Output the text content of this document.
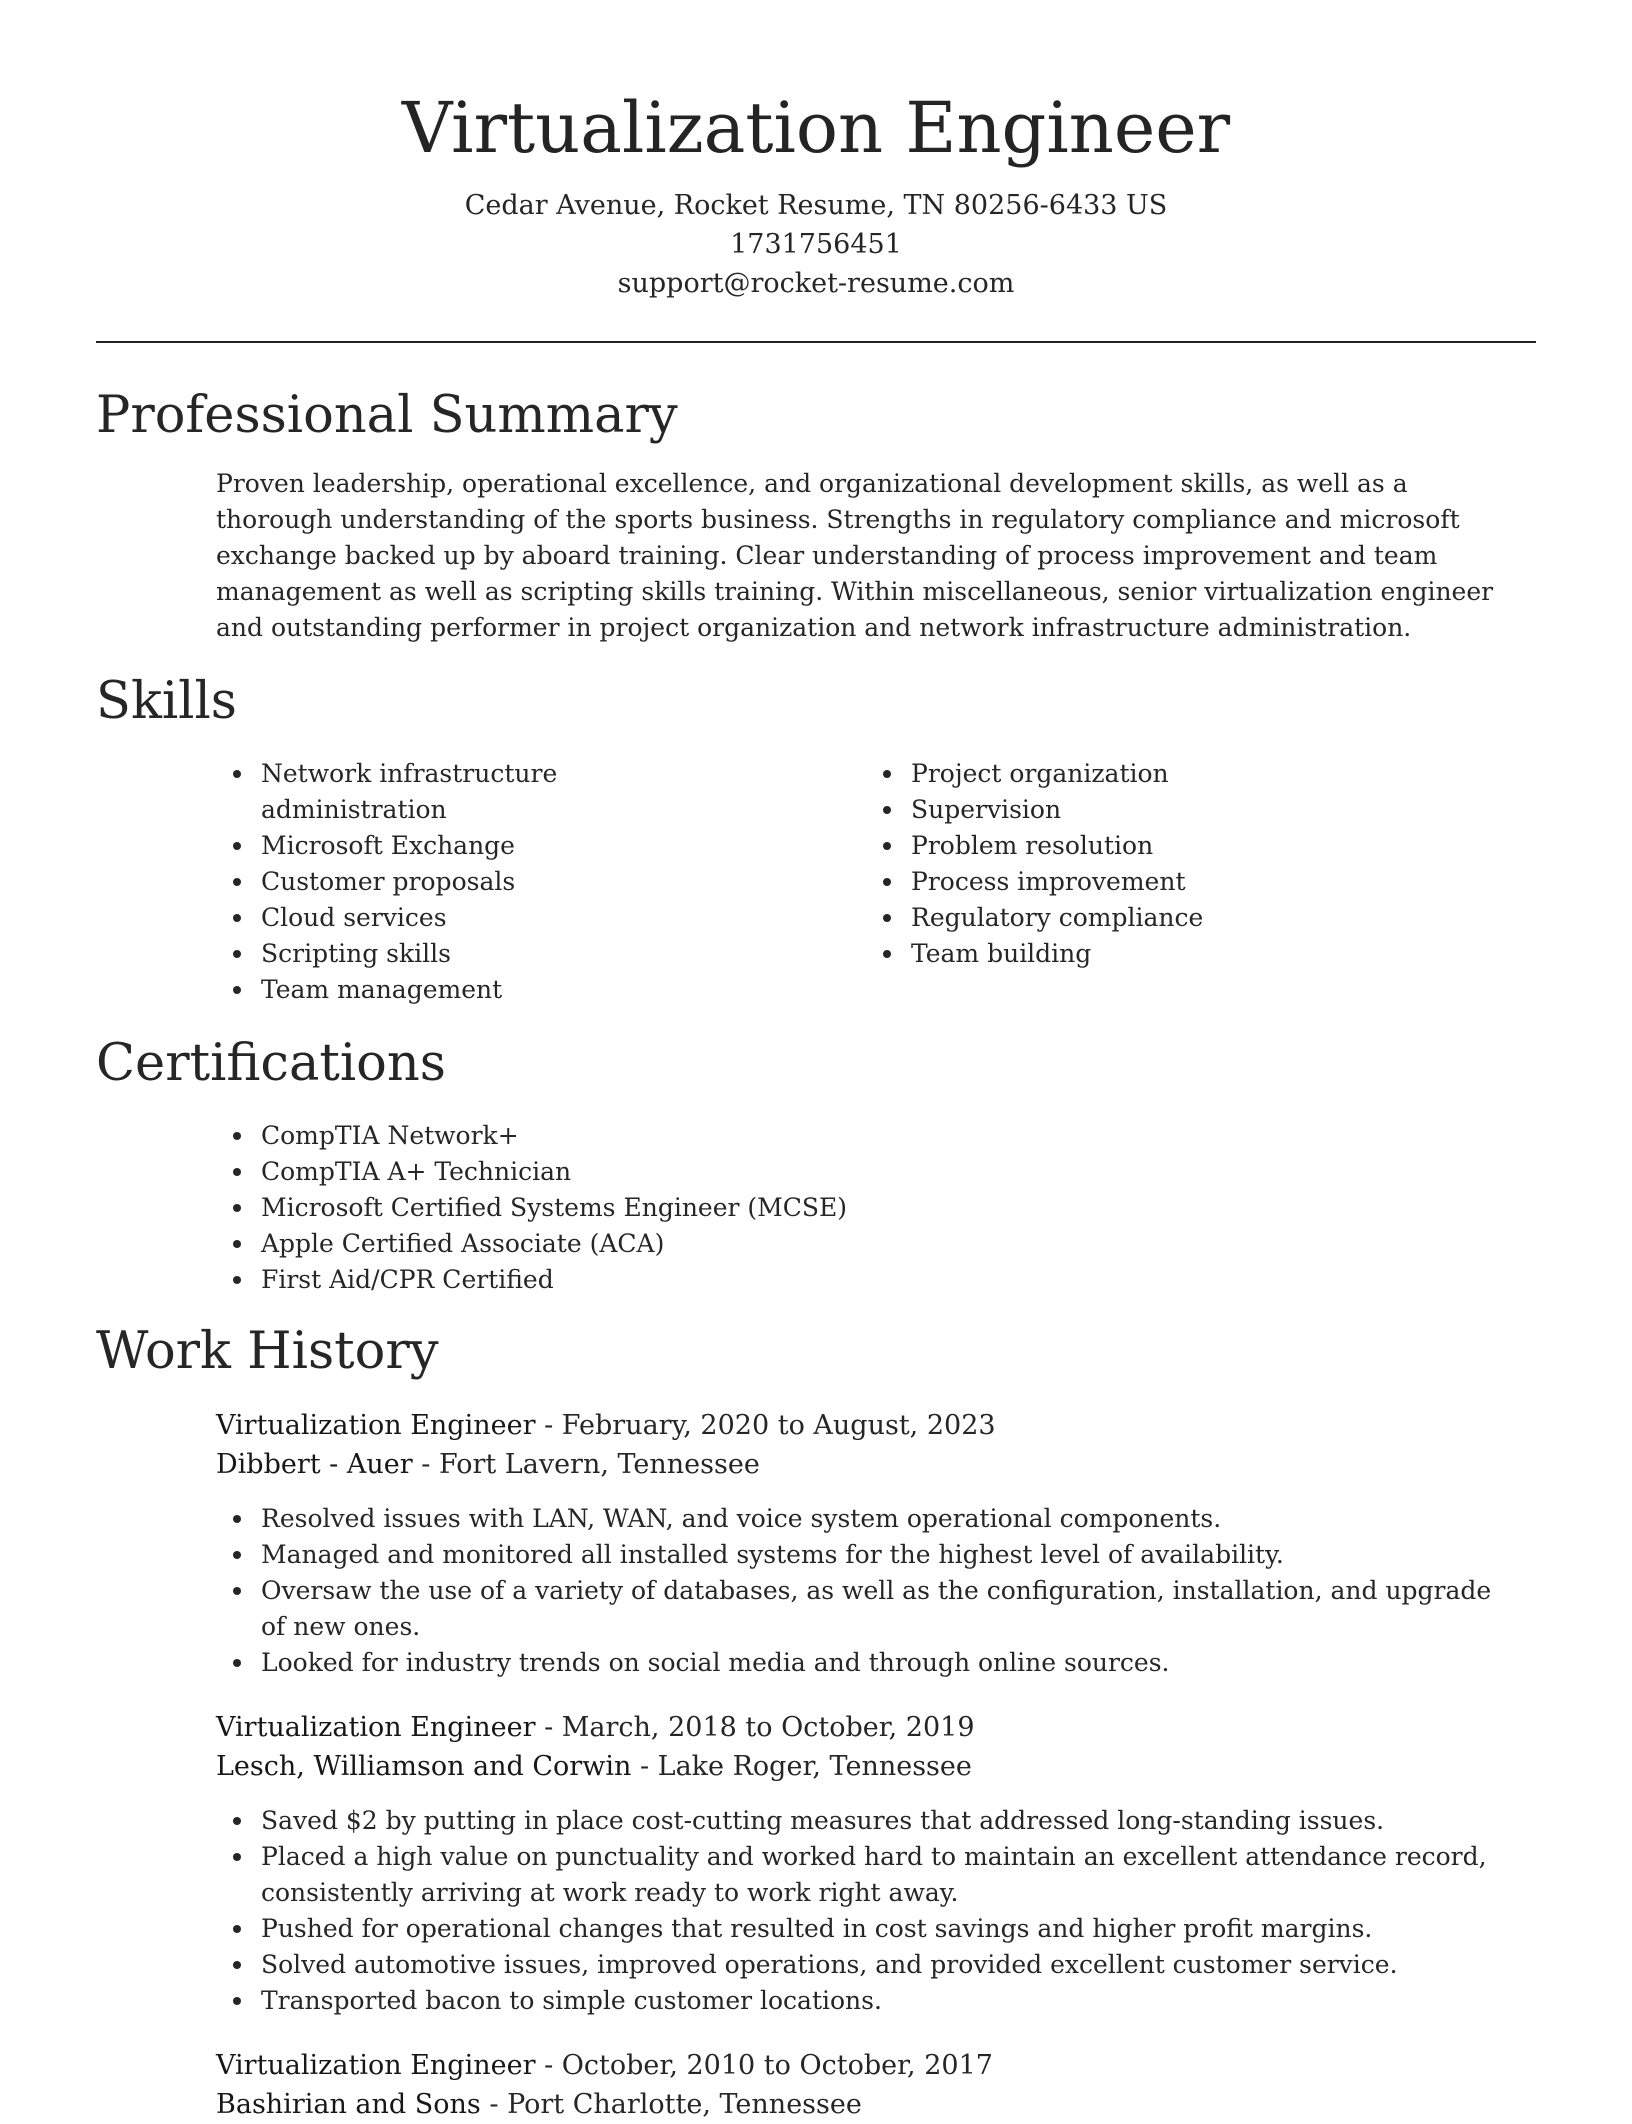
Virtualization Engineer
Cedar Avenue, Rocket Resume, TN 80256-6433 US
1731756451
support@rocket-resume.com
Professional Summary

Proven leadership, operational excellence, and organizational development skills, as well as a thorough understanding of the sports business. Strengths in regulatory compliance and microsoft exchange backed up by aboard training. Clear understanding of process improvement and team management as well as scripting skills training. Within miscellaneous, senior virtualization engineer and outstanding performer in project organization and network infrastructure administration.

Skills
Network infrastructure administration
Microsoft Exchange
Customer proposals
Cloud services
Scripting skills
Team management
Project organization
Supervision
Problem resolution
Process improvement
Regulatory compliance
Team building
Certifications
CompTIA Network+
CompTIA A+ Technician
Microsoft Certified Systems Engineer (MCSE)
Apple Certified Associate (ACA)
First Aid/CPR Certified
Work History
Virtualization Engineer - February, 2020 to August, 2023
Dibbert - Auer - Fort Lavern, Tennessee
Resolved issues with LAN, WAN, and voice system operational components.
Managed and monitored all installed systems for the highest level of availability.
Oversaw the use of a variety of databases, as well as the configuration, installation, and upgrade of new ones.
Looked for industry trends on social media and through online sources.
Virtualization Engineer - March, 2018 to October, 2019
Lesch, Williamson and Corwin - Lake Roger, Tennessee
Saved $2 by putting in place cost-cutting measures that addressed long-standing issues.
Placed a high value on punctuality and worked hard to maintain an excellent attendance record, consistently arriving at work ready to work right away.
Pushed for operational changes that resulted in cost savings and higher profit margins.
Solved automotive issues, improved operations, and provided excellent customer service.
Transported bacon to simple customer locations.
Virtualization Engineer - October, 2010 to October, 2017
Bashirian and Sons - Port Charlotte, Tennessee
